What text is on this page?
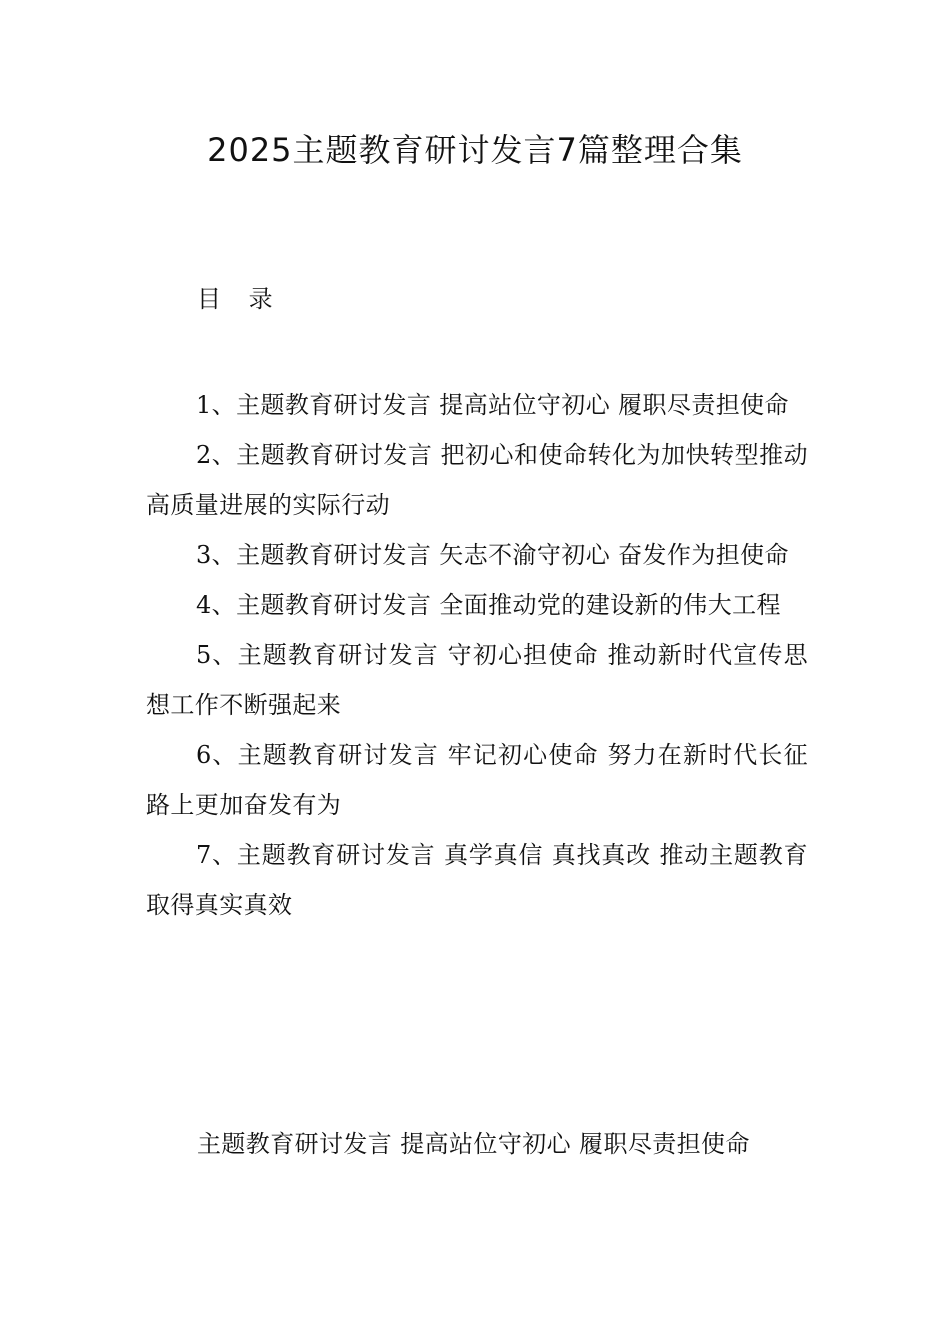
2025主题教育研讨发言7篇整理合集
目 录
1、主题教育研讨发言 提高站位守初心 履职尽责担使命
2、主题教育研讨发言 把初心和使命转化为加快转型推动高质量进展的实际行动
3、主题教育研讨发言 矢志不渝守初心 奋发作为担使命
4、主题教育研讨发言 全面推动党的建设新的伟大工程
5、主题教育研讨发言 守初心担使命 推动新时代宣传思想工作不断强起来
6、主题教育研讨发言 牢记初心使命 努力在新时代长征路上更加奋发有为
7、主题教育研讨发言 真学真信 真找真改 推动主题教育取得真实真效
主题教育研讨发言 提高站位守初心 履职尽责担使命
